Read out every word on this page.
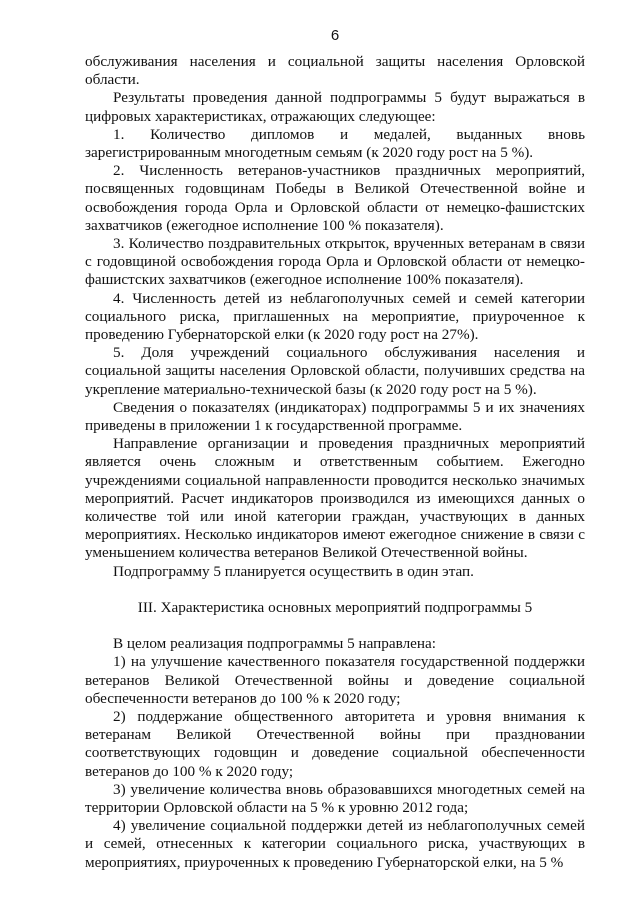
6

обслуживания населения и социальной защиты населения Орловской области.

Результаты проведения данной подпрограммы 5 будут выражаться в цифровых характеристиках, отражающих следующее:

1. Количество дипломов и медалей, выданных вновь зарегистрированным многодетным семьям (к 2020 году рост на 5 %).

2. Численность ветеранов-участников праздничных мероприятий, посвященных годовщинам Победы в Великой Отечественной войне и освобождения города Орла и Орловской области от немецко-фашистских захватчиков (ежегодное исполнение 100 % показателя).

3. Количество поздравительных открыток, врученных ветеранам в связи с годовщиной освобождения города Орла и Орловской области от немецко-фашистских захватчиков (ежегодное исполнение 100% показателя).

4. Численность детей из неблагополучных семей и семей категории социального риска, приглашенных на мероприятие, приуроченное к проведению Губернаторской елки (к 2020 году рост на 27%).

5. Доля учреждений социального обслуживания населения и социальной защиты населения Орловской области, получивших средства на укрепление материально-технической базы (к 2020 году рост на 5 %).

Сведения о показателях (индикаторах) подпрограммы 5 и их значениях приведены в приложении 1 к государственной программе.

Направление организации и проведения праздничных мероприятий является очень сложным и ответственным событием. Ежегодно учреждениями социальной направленности проводится несколько значимых мероприятий. Расчет индикаторов производился из имеющихся данных о количестве той или иной категории граждан, участвующих в данных мероприятиях. Несколько индикаторов имеют ежегодное снижение в связи с уменьшением количества ветеранов Великой Отечественной войны.

Подпрограмму 5 планируется осуществить в один этап.

III. Характеристика основных мероприятий подпрограммы 5

В целом реализация подпрограммы 5 направлена:

1) на улучшение качественного показателя государственной поддержки ветеранов Великой Отечественной войны и доведение социальной обеспеченности ветеранов до 100 % к 2020 году;

2) поддержание общественного авторитета и уровня внимания к ветеранам Великой Отечественной войны при праздновании соответствующих годовщин и доведение социальной обеспеченности ветеранов до 100 % к 2020 году;

3) увеличение количества вновь образовавшихся многодетных семей на территории Орловской области на 5 % к уровню 2012 года;

4) увеличение социальной поддержки детей из неблагополучных семей и семей, отнесенных к категории социального риска, участвующих в мероприятиях, приуроченных к проведению Губернаторской елки, на 5 %
